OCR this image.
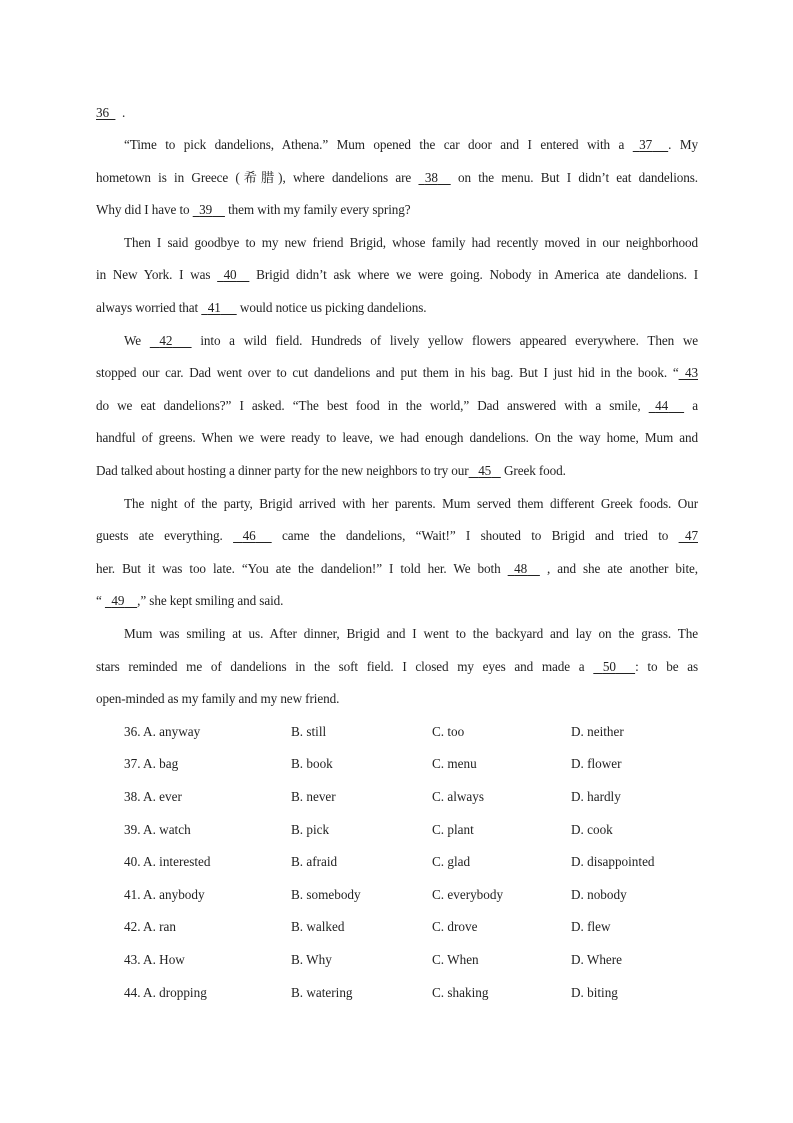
36 .
“Time to pick dandelions, Athena.” Mum opened the car door and I entered with a   37 . My
hometown is in Greece (希腊), where dandelions are   38     on the menu. But I didn’t eat dandelions.
Why did I have to   39     them with my family every spring?
Then I said goodbye to my new friend Brigid, whose family had recently moved in our neighborhood
in New York. I was   40     Brigid didn’t ask where we were going. Nobody in America ate dandelions. I
always worried that   41      would notice us picking dandelions.
We    42       into a wild field. Hundreds of lively yellow flowers appeared everywhere. Then we
stopped our car. Dad went over to cut dandelions and put them in his bag. But I just hid in the book. “ 43
do we eat dandelions?” I asked. “The best food in the world,” Dad answered with a smile,   44      a
handful of greens. When we were ready to leave, we had enough dandelions. On the way home, Mum and
Dad talked about hosting a dinner party for the new neighbors to try our 45    Greek food.
The night of the party, Brigid arrived with her parents. Mum served them different Greek foods. Our
guests ate everything.    46      came the dandelions, “Wait!” I shouted to Brigid and tried to   47
her. But it was too late. “You ate the dandelion!” I told her. We both   48     , and she ate another bite,
“   49 ,” she kept smiling and said.
Mum was smiling at us. After dinner, Brigid and I went to the backyard and lay on the grass. The
stars reminded me of dandelions in the soft field. I closed my eyes and made a    50 : to be as
open-minded as my family and my new friend.
36. A. anyway	B. still	C. too	D. neither
37. A. bag	B. book	C. menu	D. flower
38. A. ever	B. never	C. always	D. hardly
39. A. watch	B. pick	C. plant	D. cook
40. A. interested	B. afraid	C. glad	D. disappointed
41. A. anybody	B. somebody	C. everybody	D. nobody
42. A. ran	B. walked	C. drove	D. flew
43. A. How	B. Why	C. When	D. Where
44. A. dropping	B. watering	C. shaking	D. biting
